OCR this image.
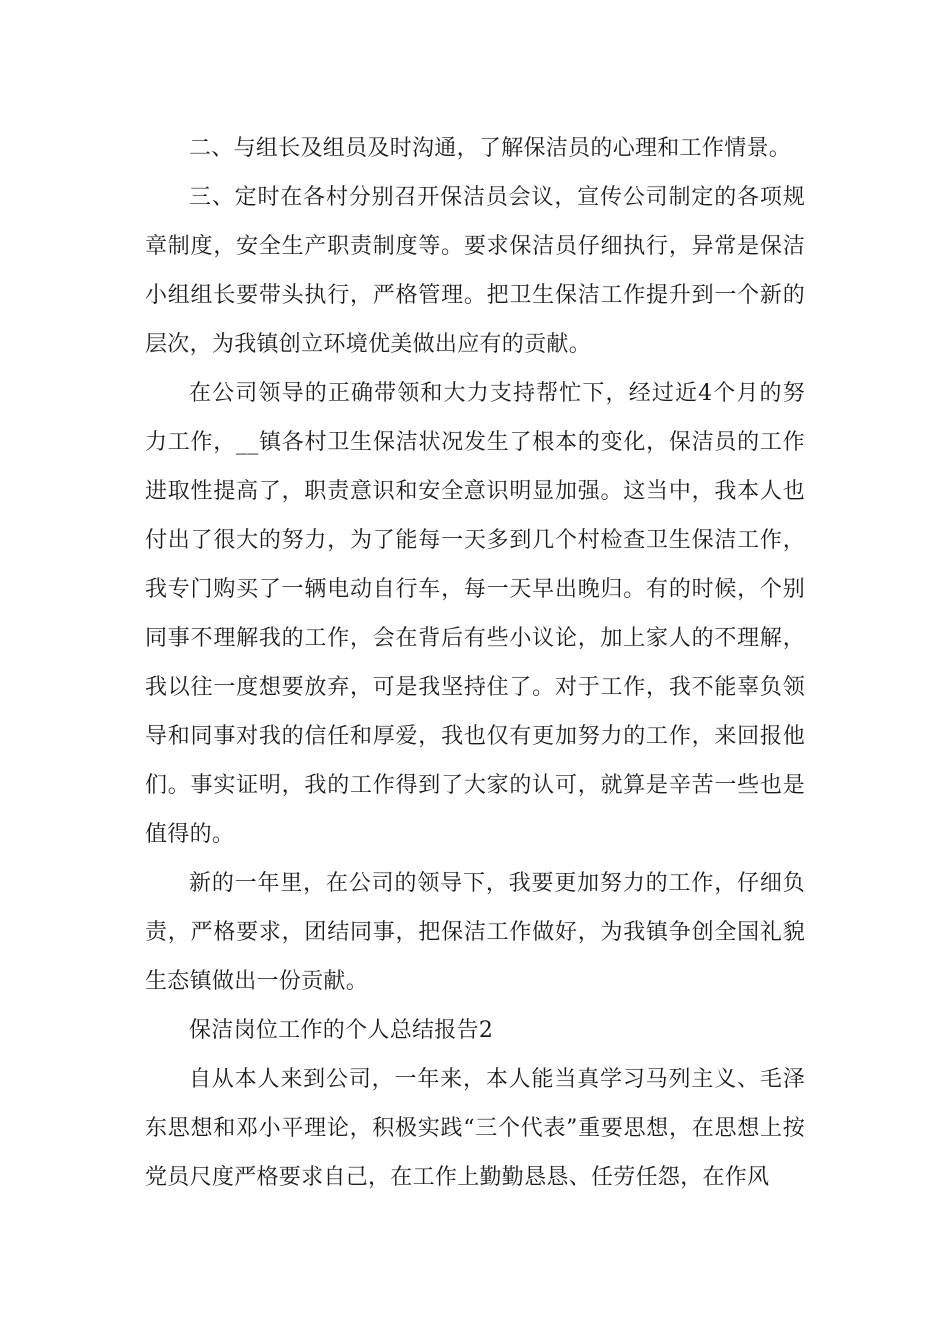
二、与组长及组员及时沟通，了解保洁员的心理和工作情景。

三、定时在各村分别召开保洁员会议，宣传公司制定的各项规章制度，安全生产职责制度等。要求保洁员仔细执行，异常是保洁小组组长要带头执行，严格管理。把卫生保洁工作提升到一个新的层次，为我镇创立环境优美做出应有的贡献。

在公司领导的正确带领和大力支持帮忙下，经过近4个月的努力工作，__镇各村卫生保洁状况发生了根本的变化，保洁员的工作进取性提高了，职责意识和安全意识明显加强。这当中，我本人也付出了很大的努力，为了能每一天多到几个村检查卫生保洁工作，我专门购买了一辆电动自行车，每一天早出晚归。有的时候，个别同事不理解我的工作，会在背后有些小议论，加上家人的不理解，我以往一度想要放弃，可是我坚持住了。对于工作，我不能辜负领导和同事对我的信任和厚爱，我也仅有更加努力的工作，来回报他们。事实证明，我的工作得到了大家的认可，就算是辛苦一些也是值得的。

新的一年里，在公司的领导下，我要更加努力的工作，仔细负责，严格要求，团结同事，把保洁工作做好，为我镇争创全国礼貌生态镇做出一份贡献。

保洁岗位工作的个人总结报告2

自从本人来到公司，一年来，本人能当真学习马列主义、毛泽东思想和邓小平理论，积极实践“三个代表”重要思想，在思想上按党员尺度严格要求自己，在工作上勤勤恳恳、任劳任怨，在作风
